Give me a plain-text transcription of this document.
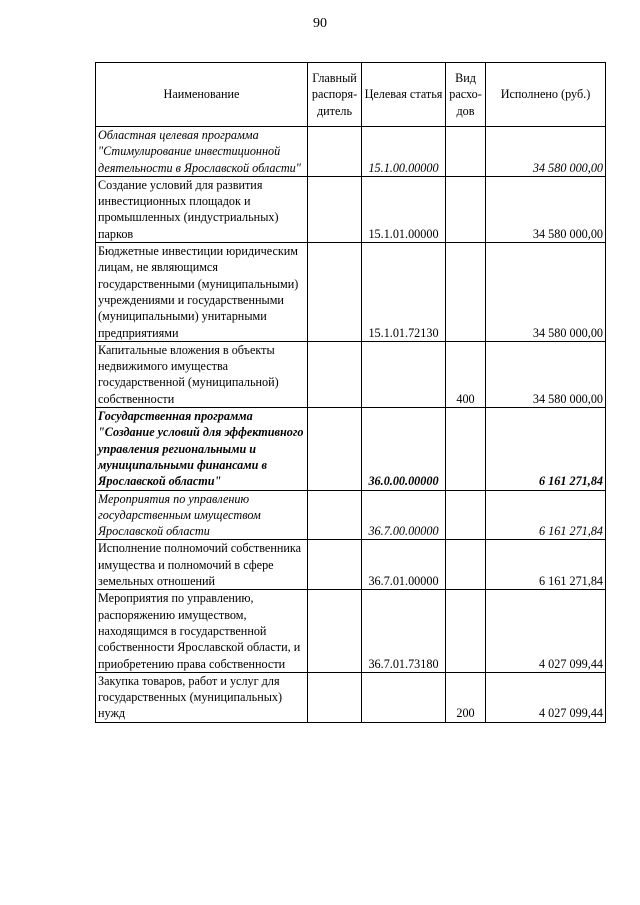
90
Наименование	Главный распоря-дитель	Целевая статья	Вид расхо-дов	Исполнено (руб.)
Областная целевая программа "Стимулирование инвестиционной деятельности в Ярославской области"		15.1.00.00000		34 580 000,00
Создание условий для развития инвестиционных площадок и промышленных (индустриальных) парков		15.1.01.00000		34 580 000,00
Бюджетные инвестиции юридическим лицам, не являющимся государственными (муниципальными) учреждениями и государственными (муниципальными) унитарными предприятиями		15.1.01.72130		34 580 000,00
Капитальные вложения в объекты недвижимого имущества государственной (муниципальной) собственности			400	34 580 000,00
Государственная программа "Создание условий для эффективного управления региональными и муниципальными финансами в Ярославской области"		36.0.00.00000		6 161 271,84
Мероприятия по управлению государственным имуществом Ярославской области		36.7.00.00000		6 161 271,84
Исполнение полномочий собственника имущества и полномочий в сфере земельных отношений		36.7.01.00000		6 161 271,84
Мероприятия по управлению, распоряжению имуществом, находящимся в государственной собственности Ярославской области, и приобретению права собственности		36.7.01.73180		4 027 099,44
Закупка товаров, работ и услуг для государственных (муниципальных) нужд			200	4 027 099,44
